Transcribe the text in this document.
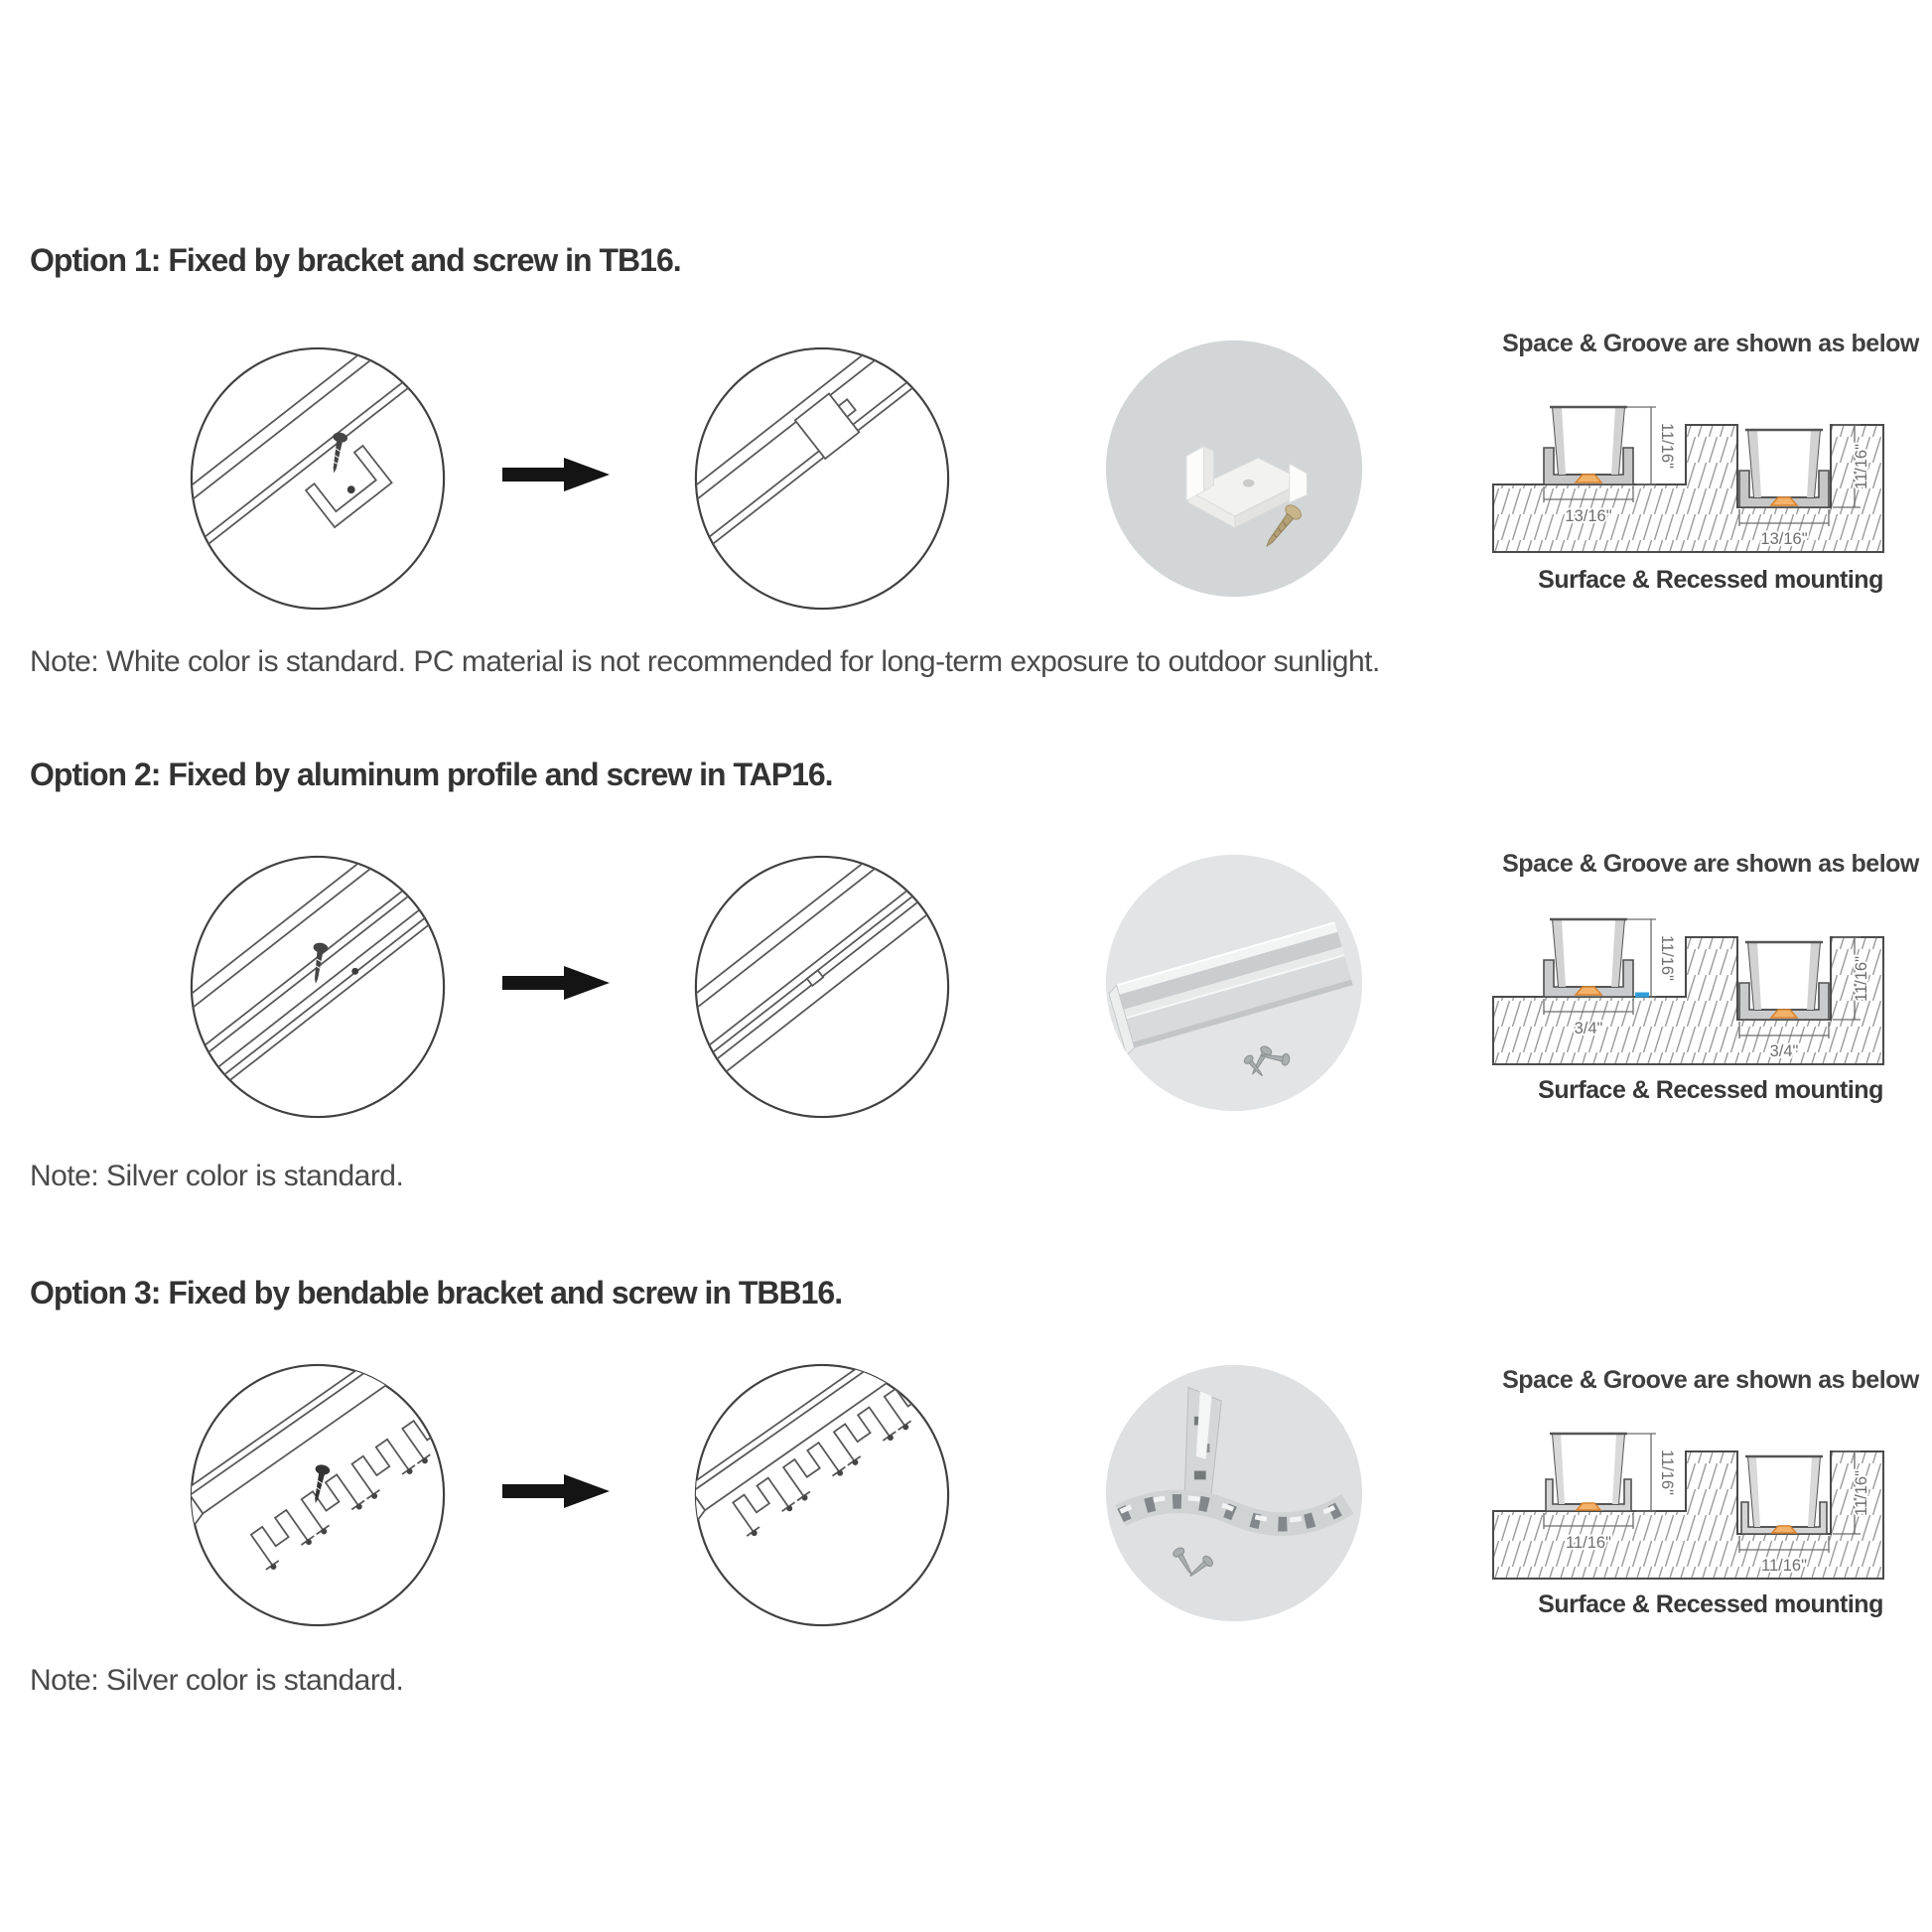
Option 1: Fixed by bracket and screw in TB16.
Space & Groove are shown as below
11/16"
13/16"
11/16"
13/16"
Surface & Recessed mounting
Note: White color is standard. PC material is not recommended for long-term exposure to outdoor sunlight.
Option 2: Fixed by aluminum profile and screw in TAP16.
Space & Groove are shown as below
11/16"
3/4"
11/16"
3/4"
Surface & Recessed mounting
Note: Silver color is standard.
Option 3: Fixed by bendable bracket and screw in TBB16.
Space & Groove are shown as below
11/16"
11/16"
11/16"
11/16"
Surface & Recessed mounting
Note: Silver color is standard.
